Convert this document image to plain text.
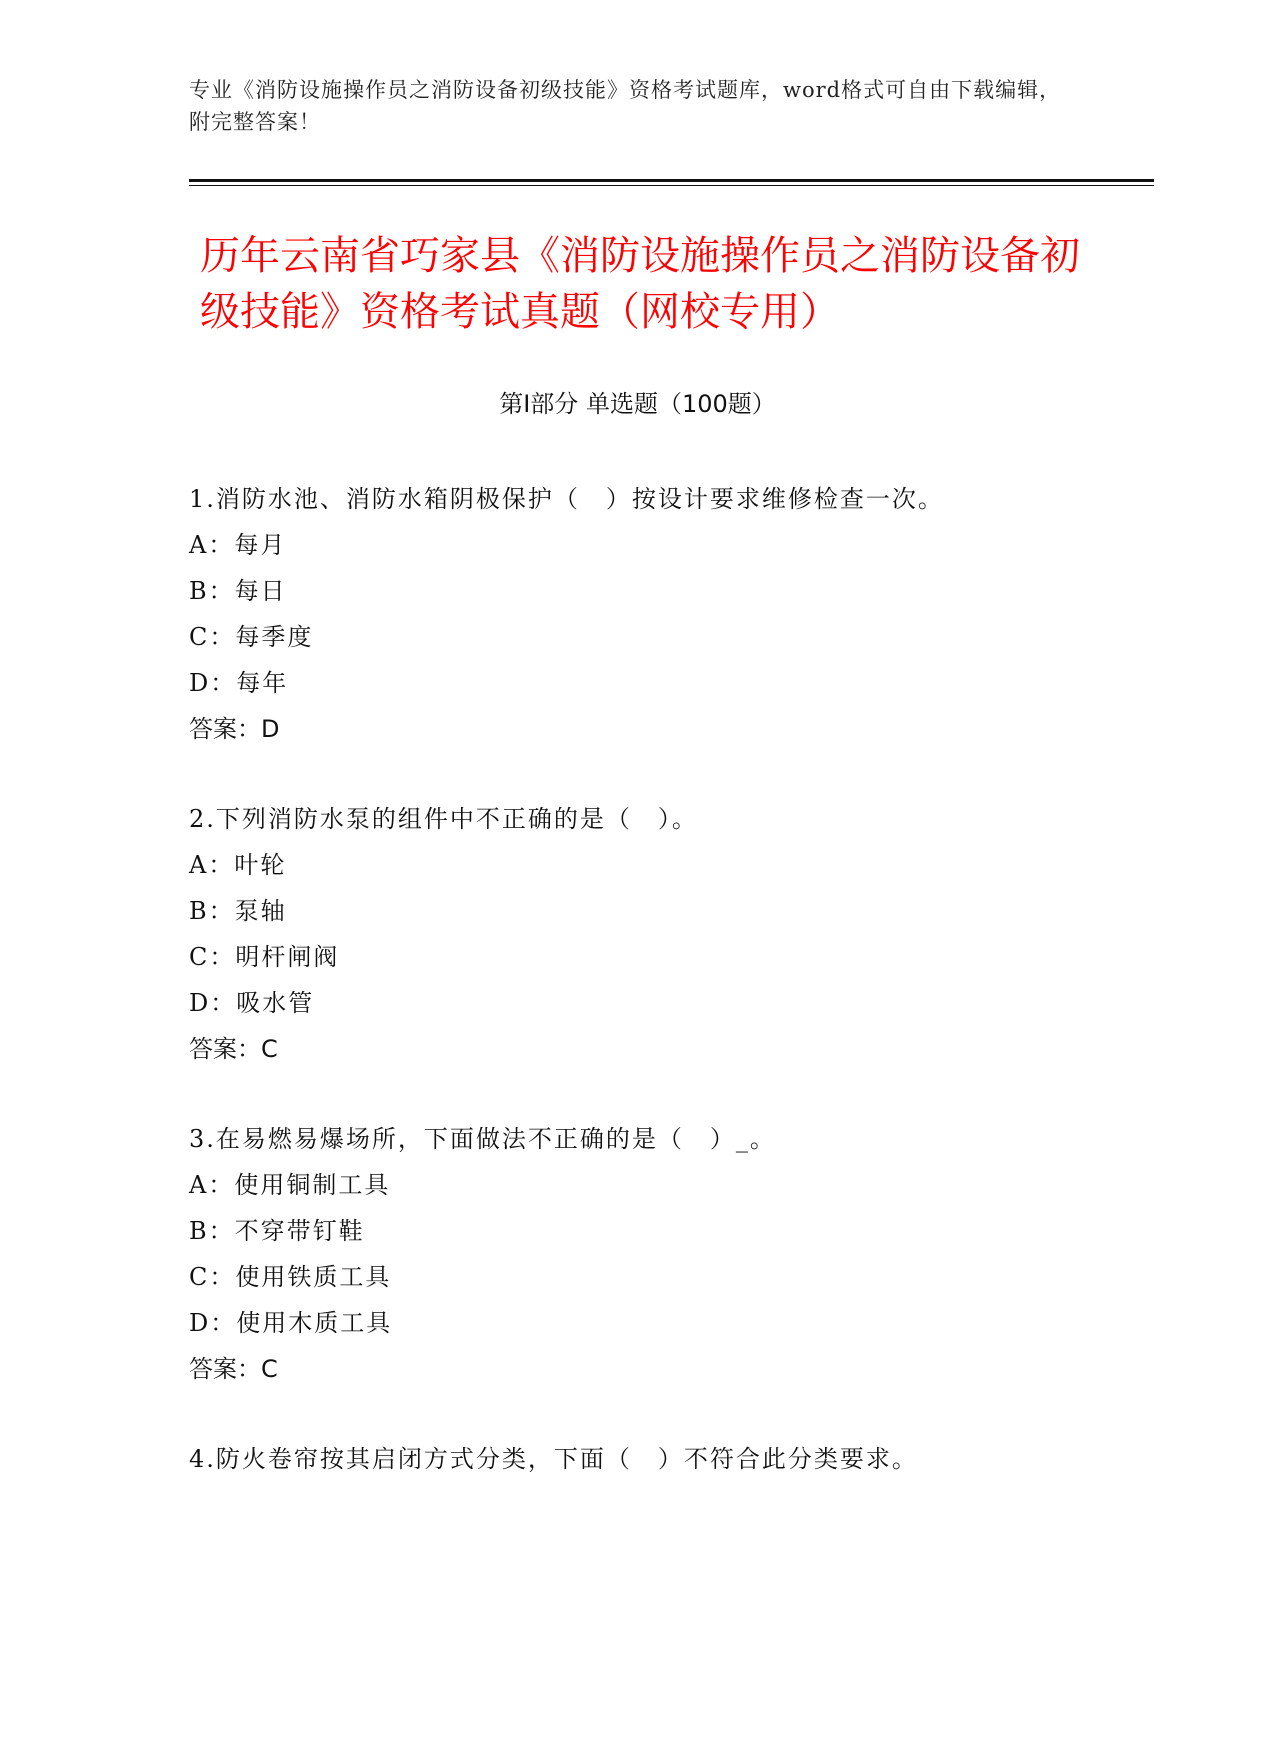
专业《消防设施操作员之消防设备初级技能》资格考试题库，word格式可自由下载编辑，附完整答案！
历年云南省巧家县《消防设施操作员之消防设备初级技能》资格考试真题（网校专用）
第Ⅰ部分 单选题（100题）
1.消防水池、消防水箱阴极保护（　）按设计要求维修检查一次。
A：每月
B：每日
C：每季度
D：每年
答案：D
2.下列消防水泵的组件中不正确的是（　）。
A：叶轮
B：泵轴
C：明杆闸阀
D：吸水管
答案：C
3.在易燃易爆场所，下面做法不正确的是（　）_。
A：使用铜制工具
B：不穿带钉鞋
C：使用铁质工具
D：使用木质工具
答案：C
4.防火卷帘按其启闭方式分类，下面（　）不符合此分类要求。
